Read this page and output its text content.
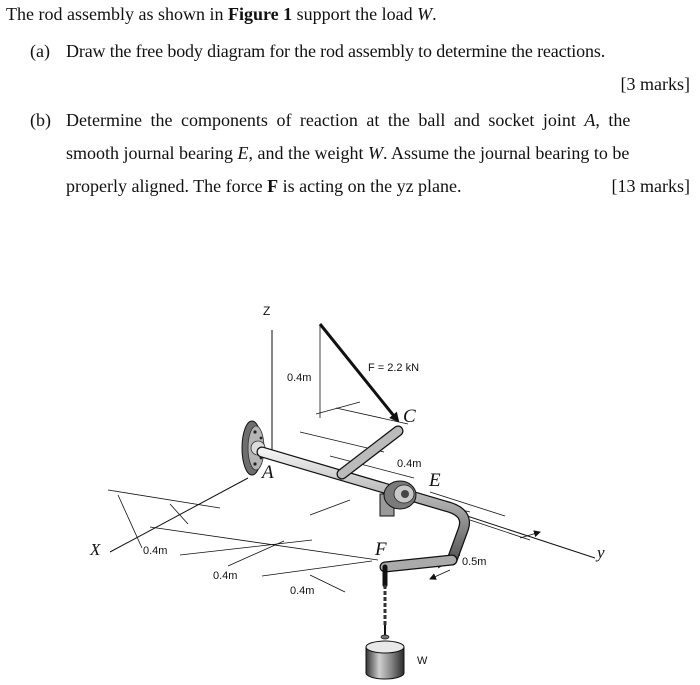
The rod assembly as shown in Figure 1 support the load W.
(a) Draw the free body diagram for the rod assembly to determine the reactions.
[3 marks]
(b) Determine the components of reaction at the ball and socket joint A, the
smooth journal bearing E, and the weight W. Assume the journal bearing to be
properly aligned. The force F is acting on the yz plane.	[13 marks]
Z
X	y
F = 2.2 kN
0.4m
0.4m
0.4m
0.4m
0.4m
0.5m
A
C
E
F
W
